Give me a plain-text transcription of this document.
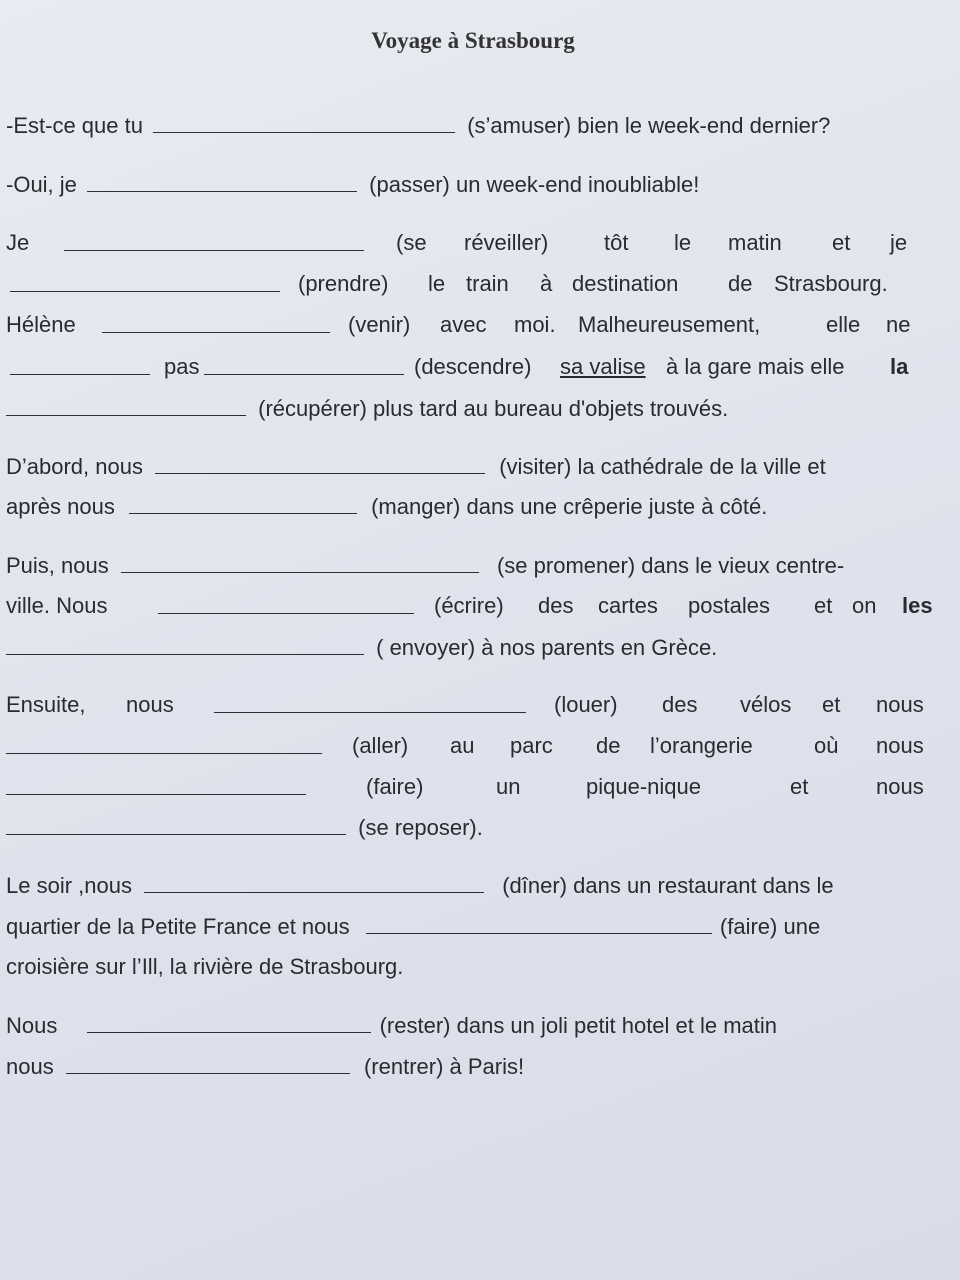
Voyage à Strasbourg
-Est-ce que tu	(s’amuser) bien le week-end dernier?
-Oui, je	(passer) un week-end inoubliable!
Je	(se réveiller)	tôt le matin et je
(prendre) le train à destination de Strasbourg.
Hélène	(venir) avec moi. Malheureusement,	elle ne
pas	(descendre) sa valise à la gare mais elle la
(récupérer) plus tard au bureau d'objets trouvés.
D’abord, nous	(visiter) la cathédrale de la ville et
après nous	(manger) dans une crêperie juste à côté.
Puis, nous	(se promener) dans le vieux centre-
ville. Nous	(écrire) des cartes postales et on les
( envoyer) à nos parents en Grèce.
Ensuite, nous	(louer) des vélos et nous
(aller) au parc de l’orangerie	où nous
(faire)	un	pique-nique	et	nous
(se reposer).
Le soir ,nous	(dîner) dans un restaurant dans le
quartier de la Petite France et nous	(faire) une
croisière sur l’Ill, la rivière de Strasbourg.
Nous	(rester) dans un joli petit hotel et le matin
nous	(rentrer) à Paris!
